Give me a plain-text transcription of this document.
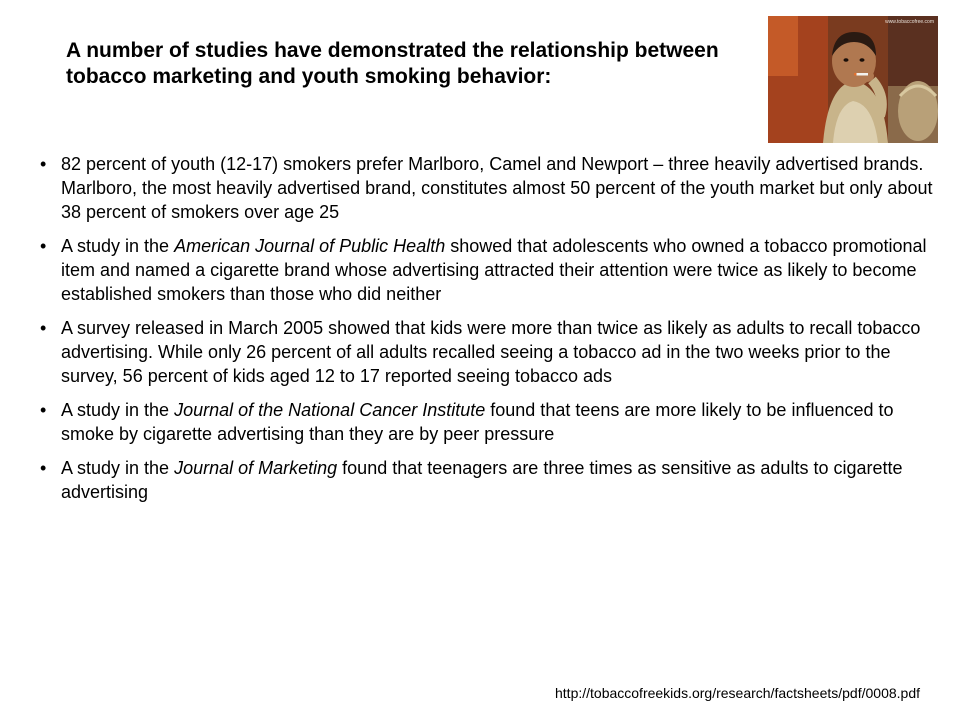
A number of studies have demonstrated the relationship between tobacco marketing and youth smoking behavior:
www.tobaccofree.com
• 82 percent of youth (12-17) smokers prefer Marlboro, Camel and Newport – three heavily advertised brands. Marlboro, the most heavily advertised brand, constitutes almost 50 percent of the youth market but only about 38 percent of smokers over age 25
• A study in the American Journal of Public Health showed that adolescents who owned a tobacco promotional item and named a cigarette brand whose advertising attracted their attention were twice as likely to become established smokers than those who did neither
• A survey released in March 2005 showed that kids were more than twice as likely as adults to recall tobacco advertising. While only 26 percent of all adults recalled seeing a tobacco ad in the two weeks prior to the survey, 56 percent of kids aged 12 to 17 reported seeing tobacco ads
• A study in the Journal of the National Cancer Institute found that teens are more likely to be influenced to smoke by cigarette advertising than they are by peer pressure
• A study in the Journal of Marketing found that teenagers are three times as sensitive as adults to cigarette advertising
http://tobaccofreekids.org/research/factsheets/pdf/0008.pdf
